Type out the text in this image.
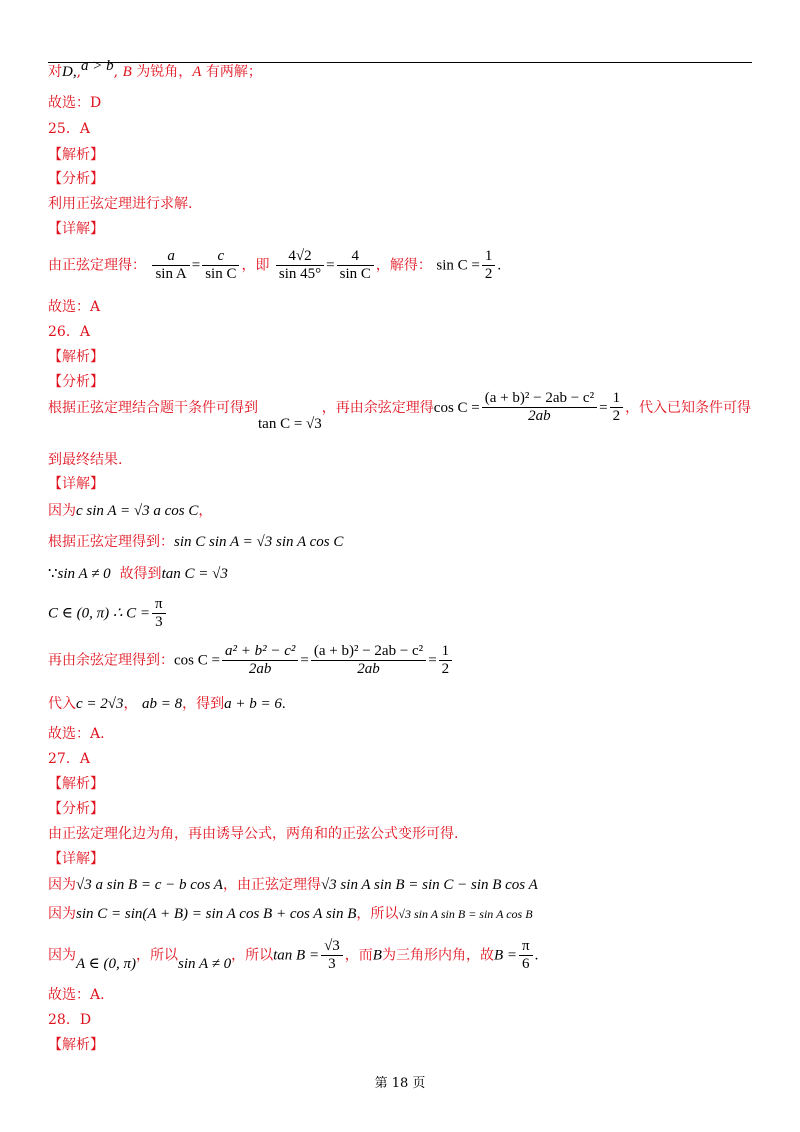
对D,,a > b, B 为锐角，A 有两解；
故选：D
25．A
【解析】
【分析】
利用正弦定理进行求解.
【详解】
由正弦定理得： $\frac{a}{\text{sin A}} = \frac{c}{\text{sin C}}$ ，即 $\frac{4√2}{\sin 45^\circ} = \frac{4}{\text{sin C}}$ ，解得： $\sin C = \frac{1}{2}$ .
故选：A
26．A
【解析】
【分析】
根据正弦定理结合题干条件可得到tan C = √3，再由余弦定理得$\cos C = \frac{\text{(a + b)² − 2ab − c²}}{2ab} = \frac{1}{2}$ ，代入已知条件可得
到最终结果.
【详解】
因为c sin A = √3 a cos C，
根据正弦定理得到：sin C sin A = √3 sin A cos C
∵sin A ≠ 0 故得到tan C = √3
C ∈ (0, π) ∴ $C = \frac{\pi}{3}$
再由余弦定理得到：$\cos C = \frac{\text{a² + b² − c²}}{2ab} = \frac{\text{(a + b)² − 2ab − c²}}{2ab} = \frac{1}{2}$
代入c = 2√3， ab = 8，得到a + b = 6.
故选：A.
27．A
【解析】
【分析】
由正弦定理化边为角，再由诱导公式，两角和的正弦公式变形可得.
【详解】
因为√3 a sin B = c − b cos A，由正弦定理得√3 sin A sin B = sin C − sin B cos A
因为sin C = sin(A + B) = sin A cos B + cos A sin B，所以√3 sin A sin B = sin A cos B
因为A ∈ (0, π)，所以sin A ≠ 0，所以$\tan B = \frac{√3}{3}$ ，而B为三角形内角，故$B = \frac{\pi}{6}$ .
故选：A.
28．D
【解析】
第 18 页
